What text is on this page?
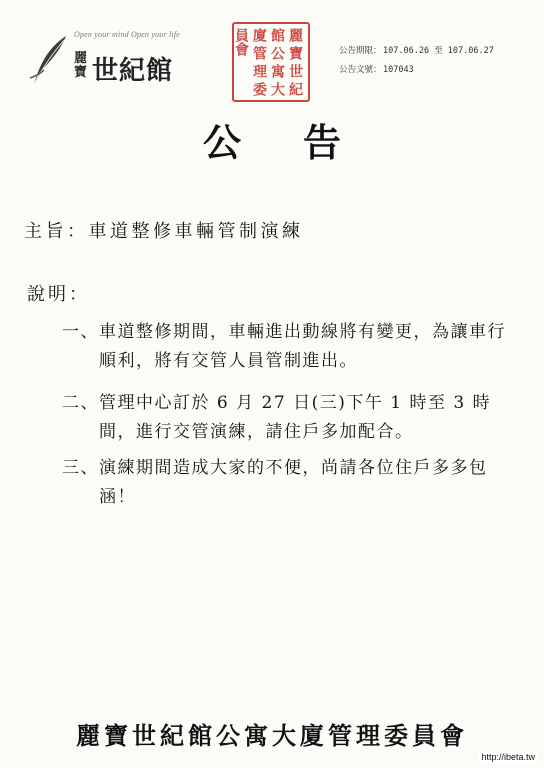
Open your mind Open your life
麗寶 世紀館	麗寶世紀館公寓大廈管理委員會	公告期限：107.06.26 至 107.06.27
公告文號：107043
公告
主旨：車道整修車輛管制演練
說明：
一、 車道整修期間，車輛進出動線將有變更，為讓車行順利，將有交管人員管制進出。
二、 管理中心訂於 6 月 27 日(三)下午 1 時至 3 時間，進行交管演練，請住戶多加配合。
三、 演練期間造成大家的不便，尚請各位住戶多多包涵！
麗寶世紀館公寓大廈管理委員會
http://ibeta.tw
